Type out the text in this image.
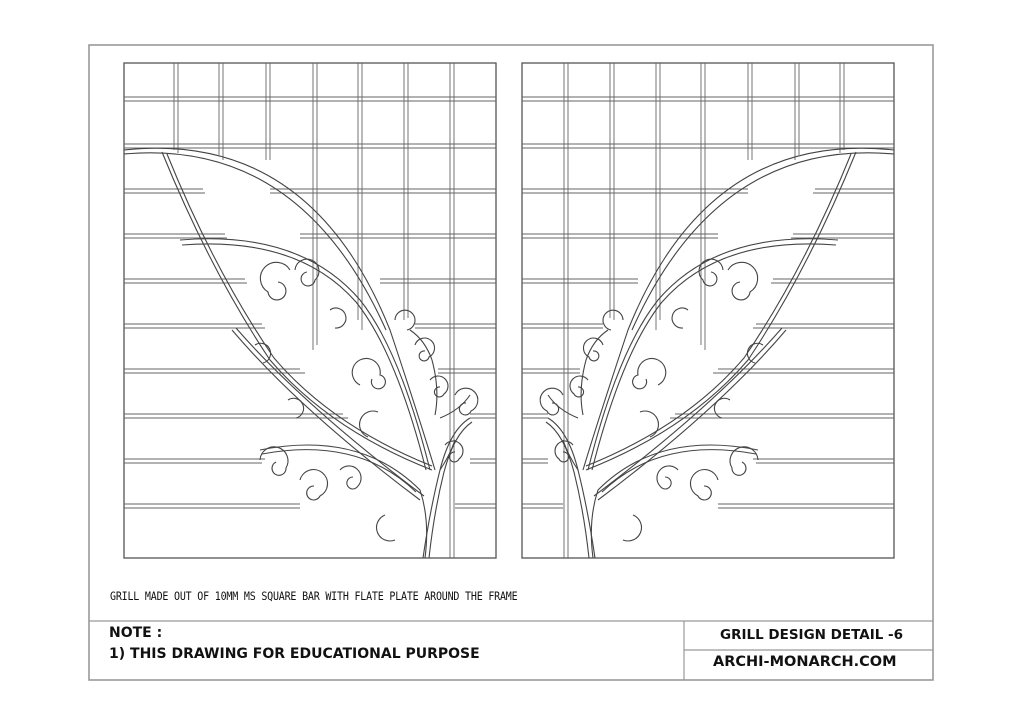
GRILL MADE OUT OF 10MM MS SQUARE BAR WITH FLATE PLATE AROUND THE FRAME
NOTE :
1) THIS DRAWING FOR EDUCATIONAL PURPOSE
GRILL DESIGN DETAIL -6
ARCHI-MONARCH.COM
